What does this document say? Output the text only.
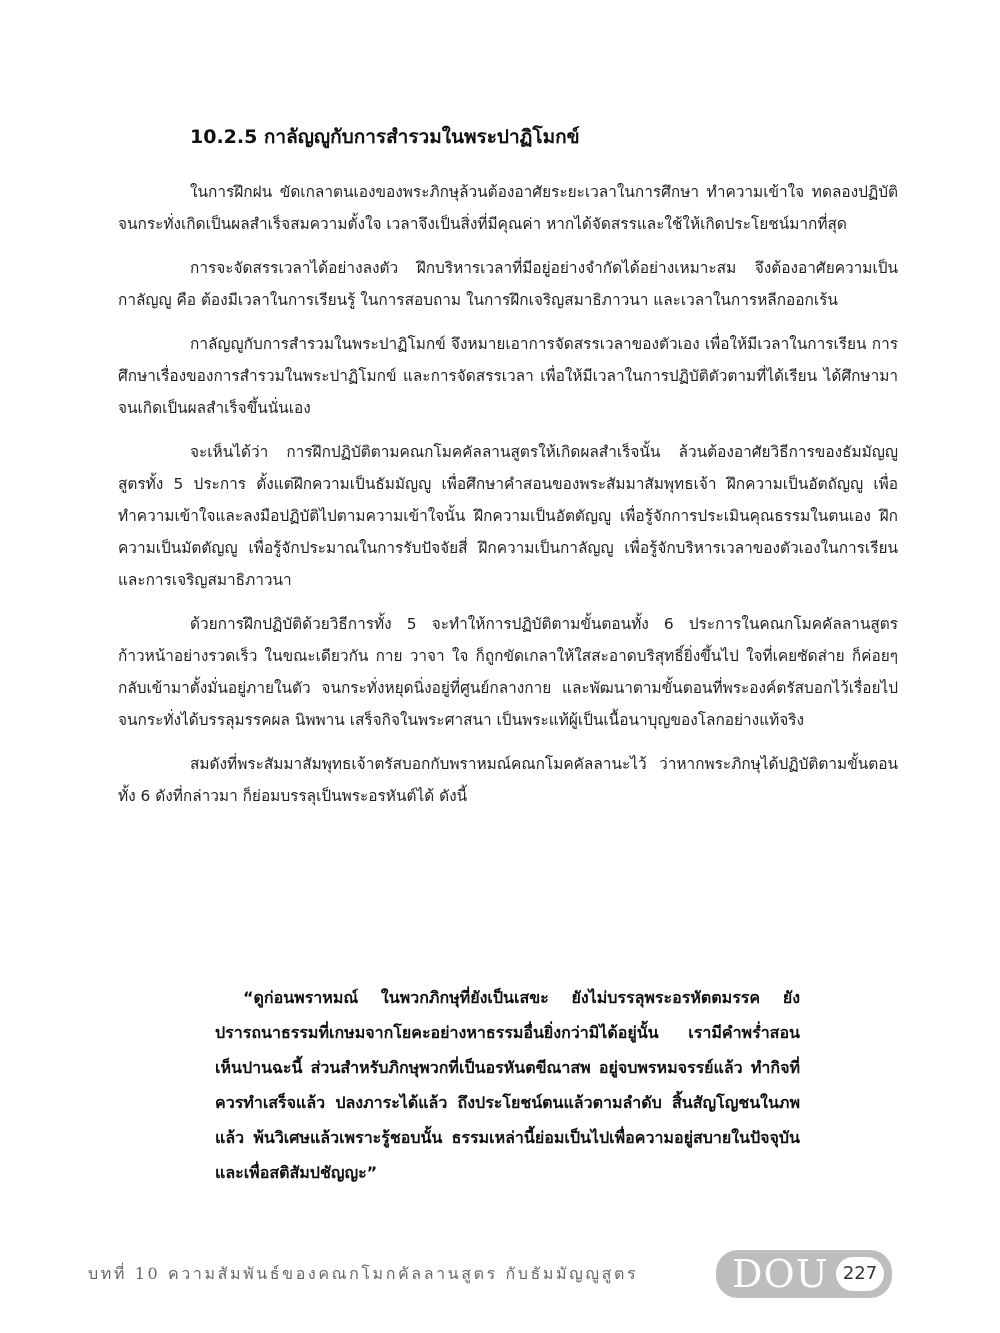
10.2.5 กาลัญญูกับการสำรวมในพระปาฏิโมกข์

ในการฝึกฝน ขัดเกลาตนเองของพระภิกษุล้วนต้องอาศัยระยะเวลาในการศึกษา ทำความเข้าใจ ทดลองปฏิบัติ จนกระทั่งเกิดเป็นผลสำเร็จสมความตั้งใจ เวลาจึงเป็นสิ่งที่มีคุณค่า หากได้จัดสรรและใช้ให้เกิดประโยชน์มากที่สุด

การจะจัดสรรเวลาได้อย่างลงตัว ฝึกบริหารเวลาที่มีอยู่อย่างจำกัดได้อย่างเหมาะสม จึงต้องอาศัยความเป็นกาลัญญู คือ ต้องมีเวลาในการเรียนรู้ ในการสอบถาม ในการฝึกเจริญสมาธิภาวนา และเวลาในการหลีกออกเร้น

กาลัญญูกับการสำรวมในพระปาฏิโมกข์ จึงหมายเอาการจัดสรรเวลาของตัวเอง เพื่อให้มีเวลาในการเรียน การศึกษาเรื่องของการสำรวมในพระปาฏิโมกข์ และการจัดสรรเวลา เพื่อให้มีเวลาในการปฏิบัติตัวตามที่ได้เรียน ได้ศึกษามาจนเกิดเป็นผลสำเร็จขึ้นนั่นเอง

จะเห็นได้ว่า การฝึกปฏิบัติตามคณกโมคคัลลานสูตรให้เกิดผลสำเร็จนั้น ล้วนต้องอาศัยวิธีการของธัมมัญญูสูตรทั้ง 5 ประการ ตั้งแต่ฝึกความเป็นธัมมัญญู เพื่อศึกษาคำสอนของพระสัมมาสัมพุทธเจ้า ฝึกความเป็นอัตถัญญู เพื่อทำความเข้าใจและลงมือปฏิบัติไปตามความเข้าใจนั้น ฝึกความเป็นอัตตัญญู เพื่อรู้จักการประเมินคุณธรรมในตนเอง ฝึกความเป็นมัตตัญญู เพื่อรู้จักประมาณในการรับปัจจัยสี่ ฝึกความเป็นกาลัญญู เพื่อรู้จักบริหารเวลาของตัวเองในการเรียนและการเจริญสมาธิภาวนา

ด้วยการฝึกปฏิบัติด้วยวิธีการทั้ง 5 จะทำให้การปฏิบัติตามขั้นตอนทั้ง 6 ประการในคณกโมคคัลลานสูตรก้าวหน้าอย่างรวดเร็ว ในขณะเดียวกัน กาย วาจา ใจ ก็ถูกขัดเกลาให้ใสสะอาดบริสุทธิ์ยิ่งขึ้นไป ใจที่เคยซัดส่าย ก็ค่อยๆ กลับเข้ามาตั้งมั่นอยู่ภายในตัว จนกระทั่งหยุดนิ่งอยู่ที่ศูนย์กลางกาย และพัฒนาตามขั้นตอนที่พระองค์ตรัสบอกไว้เรื่อยไป จนกระทั่งได้บรรลุมรรคผล นิพพาน เสร็จกิจในพระศาสนา เป็นพระแท้ผู้เป็นเนื้อนาบุญของโลกอย่างแท้จริง

สมดังที่พระสัมมาสัมพุทธเจ้าตรัสบอกกับพราหมณ์คณกโมคคัลลานะไว้ ว่าหากพระภิกษุได้ปฏิบัติตามขั้นตอนทั้ง 6 ดังที่กล่าวมา ก็ย่อมบรรลุเป็นพระอรหันต์ได้ ดังนี้

“ดูก่อนพราหมณ์ ในพวกภิกษุที่ยังเป็นเสขะ ยังไม่บรรลุพระอรหัตตมรรค ยังปรารถนาธรรมที่เกษมจากโยคะอย่างหาธรรมอื่นยิ่งกว่ามิได้อยู่นั้น เรามีคำพร่ำสอนเห็นปานฉะนี้ ส่วนสำหรับภิกษุพวกที่เป็นอรหันตขีณาสพ อยู่จบพรหมจรรย์แล้ว ทำกิจที่ควรทำเสร็จแล้ว ปลงภาระได้แล้ว ถึงประโยชน์ตนแล้วตามลำดับ สิ้นสัญโญชนในภพแล้ว พ้นวิเศษแล้วเพราะรู้ชอบนั้น ธรรมเหล่านี้ย่อมเป็นไปเพื่อความอยู่สบายในปัจจุบัน และเพื่อสติสัมปชัญญะ”

บทที่ 10 ความสัมพันธ์ของคณกโมกคัลลานสูตร กับธัมมัญญูสูตร DOU 227
